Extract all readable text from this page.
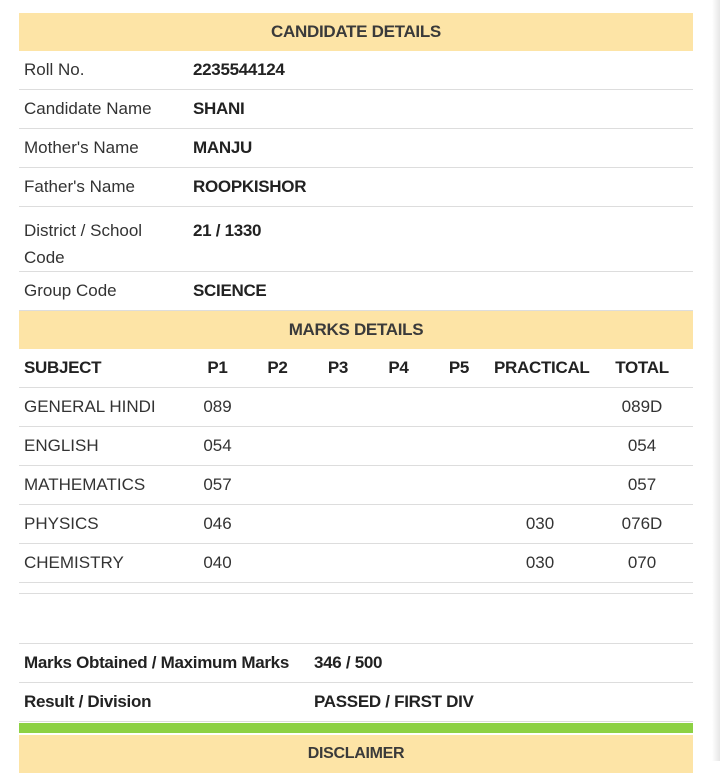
CANDIDATE DETAILS	
Roll No.	2235544124
Candidate Name	SHANI
Mother's Name	MANJU
Father's Name	ROOPKISHOR

District / School
Code	21 / 1330

Group Code	SCIENCE
MARKS DETAILS							
SUBJECT	P1	P2	P3	P4	P5	PRACTICAL	TOTAL
GENERAL HINDI	089						089D
ENGLISH	054						054
MATHEMATICS	057						057
PHYSICS	046					030	076D
CHEMISTRY	040					030	070

Marks Obtained / Maximum Marks	346 / 500
Result / Division	PASSED / FIRST DIV
DISCLAIMER
